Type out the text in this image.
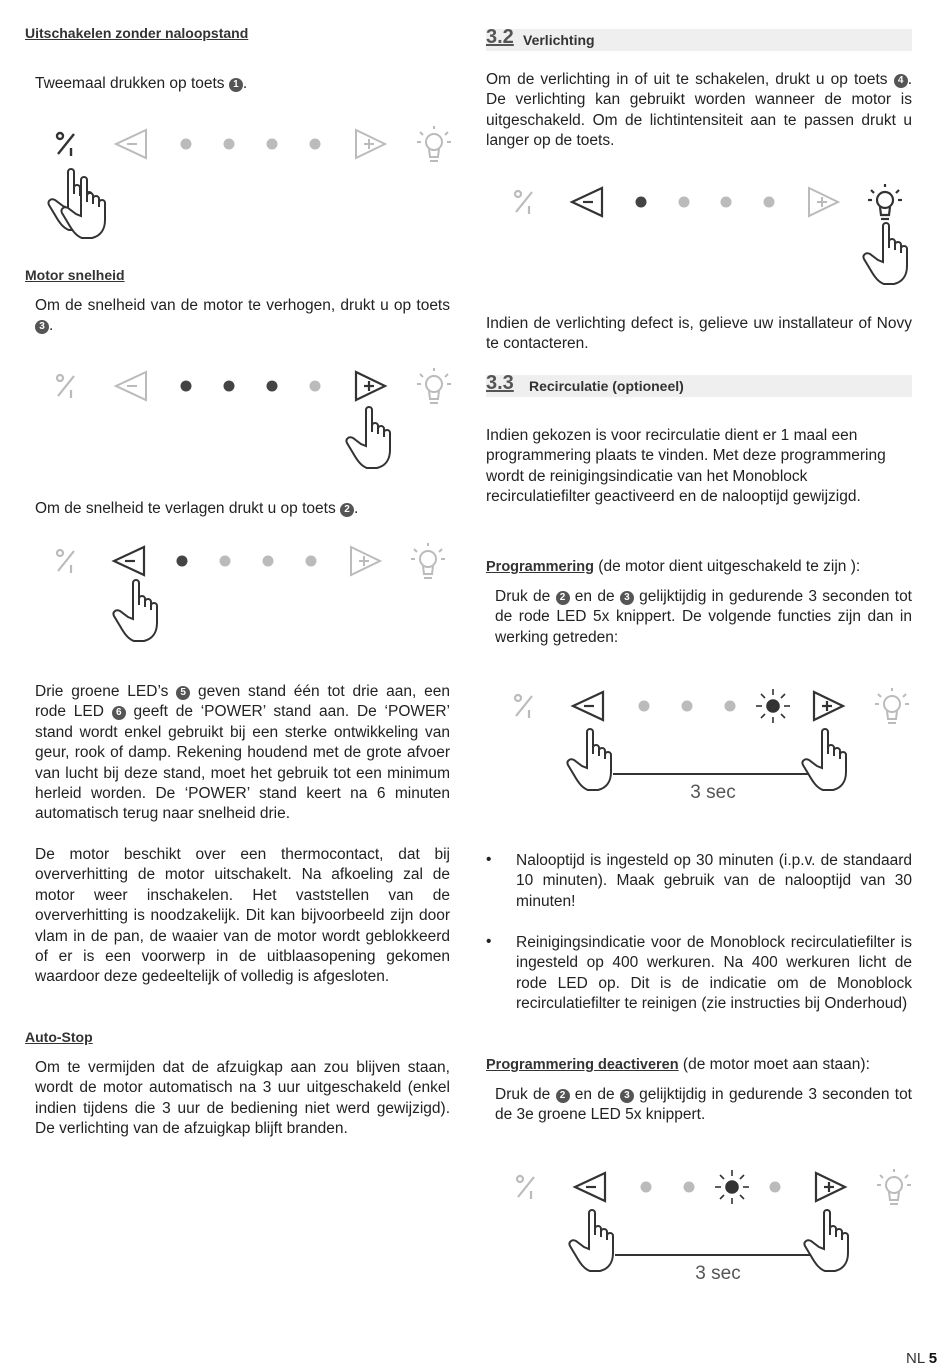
Uitschakelen zonder naloopstand
Tweemaal drukken op toets 1 .
Motor snelheid
Om de snelheid van de motor te verhogen, drukt u op toets 3 .
Om de snelheid te verlagen drukt u op toets 2 .
Drie groene LED’s 5 geven stand één tot drie aan, een rode LED 6 geeft de ‘POWER’ stand aan. De ‘POWER’ stand wordt enkel gebruikt bij een sterke ontwikkeling van geur, rook of damp. Rekening houdend met de grote afvoer van lucht bij deze stand, moet het gebruik tot een minimum herleid worden. De ‘POWER’ stand keert na 6 minuten automatisch terug naar snelheid drie.
De motor beschikt over een thermocontact, dat bij oververhitting de motor uitschakelt. Na afkoeling zal de motor weer inschakelen. Het vaststellen van de oververhitting is noodzakelijk. Dit kan bijvoorbeeld zijn door vlam in de pan, de waaier van de motor wordt geblokkeerd of er is een voorwerp in de uitblaasopening gekomen waardoor deze gedeeltelijk of volledig is afgesloten.
Auto-Stop
Om te vermijden dat de afzuigkap aan zou blijven staan, wordt de motor automatisch na 3 uur uitgeschakeld (enkel indien tijdens die 3 uur de bediening niet werd gewijzigd). De verlichting van de afzuigkap blijft branden.
3.2 Verlichting
Om de verlichting in of uit te schakelen, drukt u op toets 4 . De verlichting kan gebruikt worden wanneer de motor is uitgeschakeld. Om de lichtintensiteit aan te passen drukt u langer op de toets.
Indien de verlichting defect is, gelieve uw installateur of Novy te contacteren.
3.3 Recirculatie (optioneel)
Indien gekozen is voor recirculatie dient er 1 maal een programmering plaats te vinden. Met deze programmering wordt de reinigingsindicatie van het Monoblock recirculatiefilter geactiveerd en de nalooptijd gewijzigd.
Programmering (de motor dient uitgeschakeld te zijn ):
Druk de 2 en de 3 gelijktijdig in gedurende 3 seconden tot de rode LED 5x knippert. De volgende functies zijn dan in werking getreden:
3 sec
• Nalooptijd is ingesteld op 30 minuten (i.p.v. de standaard 10 minuten). Maak gebruik van de nalooptijd van 30 minuten!
• Reinigingsindicatie voor de Monoblock recirculatiefilter is ingesteld op 400 werkuren. Na 400 werkuren licht de rode LED op. Dit is de indicatie om de Monoblock recirculatiefilter te reinigen (zie instructies bij Onderhoud)
Programmering deactiveren (de motor moet aan staan):
Druk de 2 en de 3 gelijktijdig in gedurende 3 seconden tot de 3e groene LED 5x knippert.
3 sec
NL 5
